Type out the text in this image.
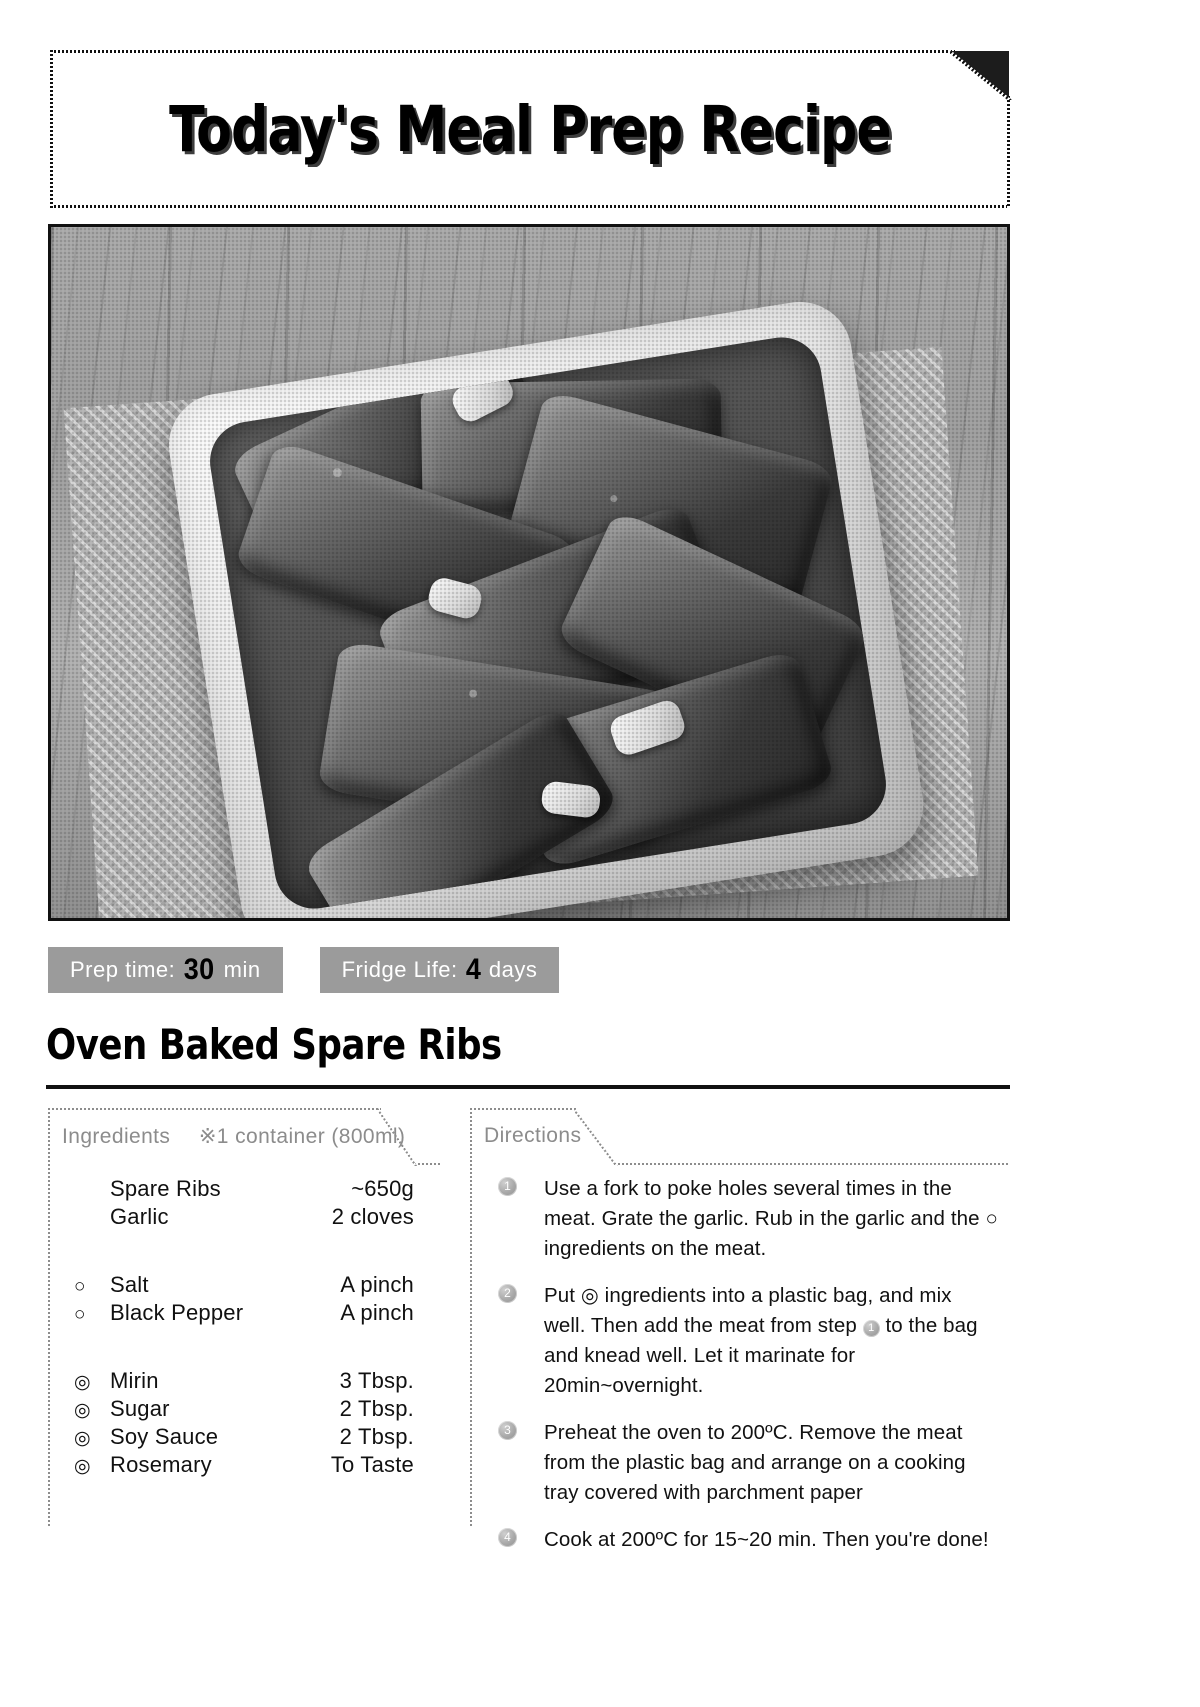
Today's Meal Prep Recipe
Prep time: 30 min	Fridge Life: 4 days
Oven Baked Spare Ribs
Ingredients ※1 container (800ml)
Spare Ribs	~650g
Garlic	2 cloves
○	Salt	A pinch
○	Black Pepper	A pinch
◎ Mirin	3 Tbsp.
◎ Sugar	2 Tbsp.
◎ Soy Sauce	2 Tbsp.
◎ Rosemary	To Taste
Directions
1	Use a fork to poke holes several times in the meat. Grate the garlic. Rub in the garlic and the ○ ingredients on the meat.
2	Put ◎ ingredients into a plastic bag, and mix well. Then add the meat from step 1 to the bag and knead well. Let it marinate for 20min~overnight.
3	Preheat the oven to 200ºC. Remove the meat from the plastic bag and arrange on a cooking tray covered with parchment paper
4	Cook at 200ºC for 15~20 min. Then you're done!
